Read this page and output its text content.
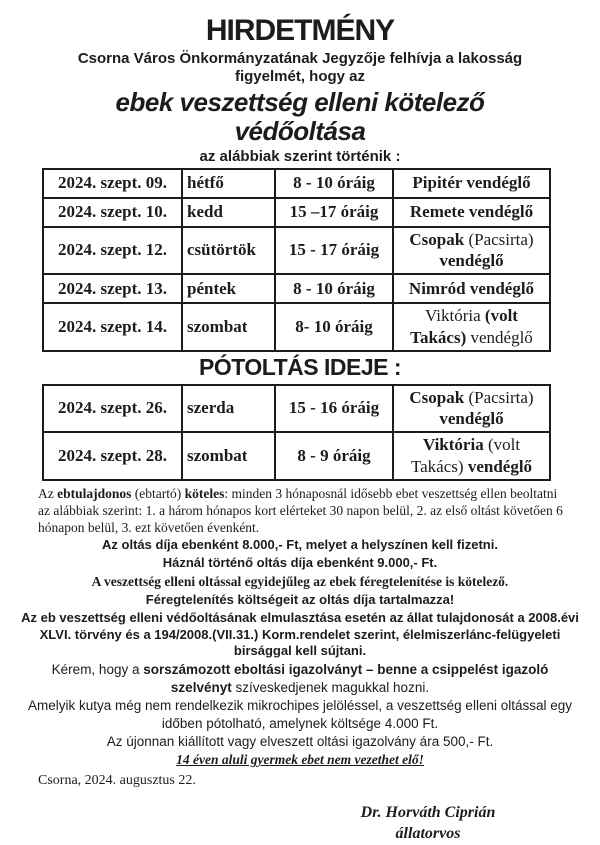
HIRDETMÉNY

Csorna Város Önkormányzatának Jegyzője felhívja a lakosság figyelmét, hogy az

ebek veszettség elleni kötelező védőoltása

az alábbiak szerint történik :

2024. szept. 09.	hétfő	8 - 10 óráig	Pipitér vendéglő
2024. szept. 10.	kedd	15 –17 óráig	Remete vendéglő
2024. szept. 12.	csütörtök	15 - 17 óráig	Csopak (Pacsirta) vendéglő
2024. szept. 13.	péntek	8 - 10 óráig	Nimród vendéglő
2024. szept. 14.	szombat	8- 10 óráig	Viktória (volt Takács) vendéglő
PÓTOLTÁS IDEJE :
2024. szept. 26.	szerda	15 - 16 óráig	Csopak (Pacsirta) vendéglő
2024. szept. 28.	szombat	8 - 9 óráig	Viktória (volt Takács) vendéglő

Az ebtulajdonos (ebtartó) köteles: minden 3 hónaposnál idősebb ebet veszettség ellen beoltatni az alábbiak szerint: 1. a három hónapos kort elérteket 30 napon belül, 2. az első oltást követően 6 hónapon belül, 3. ezt követően évenként.

Az oltás díja ebenként 8.000,- Ft, melyet a helyszínen kell fizetni.

Háznál történő oltás díja ebenként 9.000,- Ft.

A veszettség elleni oltással egyidejűleg az ebek féregtelenítése is kötelező.

Féregtelenítés költségeit az oltás díja tartalmazza!

Az eb veszettség elleni védőoltásának elmulasztása esetén az állat tulajdonosát a 2008.évi XLVI. törvény és a 194/2008.(VII.31.) Korm.rendelet szerint, élelmiszerlánc-felügyeleti birsággal kell sújtani.

Kérem, hogy a sorszámozott eboltási igazolványt – benne a csippelést igazoló szelvényt szíveskedjenek magukkal hozni.

Amelyik kutya még nem rendelkezik mikrochipes jelöléssel, a veszettség elleni oltással egy időben pótolható, amelynek költsége 4.000 Ft.

Az újonnan kiállított vagy elveszett oltási igazolvány ára 500,- Ft.

14 éven aluli gyermek ebet nem vezethet elő!

Csorna, 2024. augusztus 22.

Dr. Horváth Ciprián
állatorvos
